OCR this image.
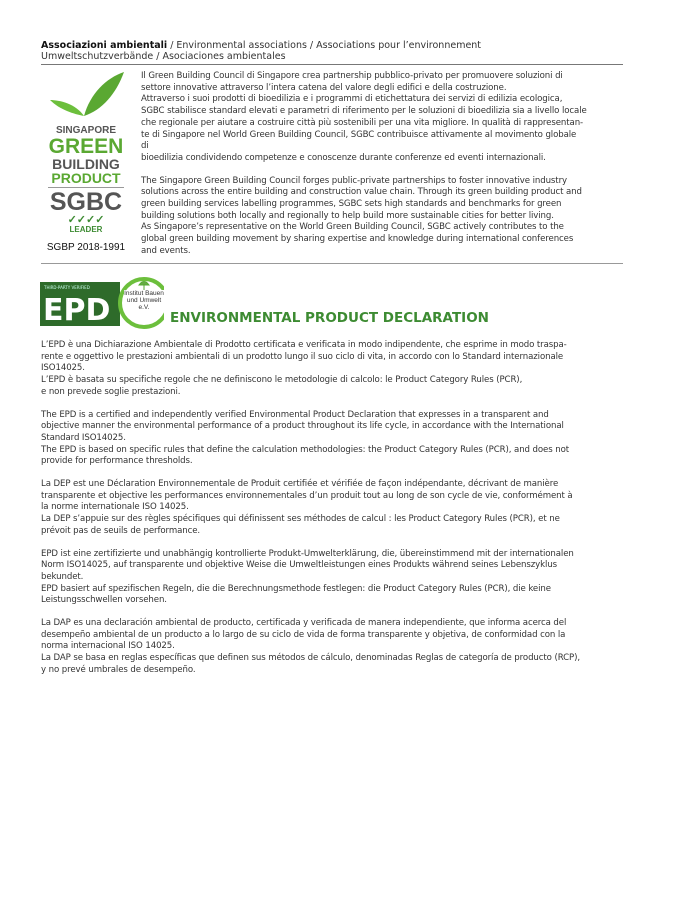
Associazioni ambientali / Environmental associations / Associations pour l’environnement
Umweltschutzverbände / Asociaciones ambientales
SINGAPORE
GREEN
BUILDING
PRODUCT
SGBC
✓✓✓✓
LEADER
SGBP 2018-1991
Il Green Building Council di Singapore crea partnership pubblico-privato per promuovere soluzioni di
settore innovative attraverso l’intera catena del valore degli edifici e della costruzione.
Attraverso i suoi prodotti di bioedilizia e i programmi di etichettatura dei servizi di edilizia ecologica,
SGBC stabilisce standard elevati e parametri di riferimento per le soluzioni di bioedilizia sia a livello locale
che regionale per aiutare a costruire città più sostenibili per una vita migliore. In qualità di rappresentan-
te di Singapore nel World Green Building Council, SGBC contribuisce attivamente al movimento globale
di
bioedilizia condividendo competenze e conoscenze durante conferenze ed eventi internazionali.
The Singapore Green Building Council forges public-private partnerships to foster innovative industry
solutions across the entire building and construction value chain. Through its green building product and
green building services labelling programmes, SGBC sets high standards and benchmarks for green
building solutions both locally and regionally to help build more sustainable cities for better living.
As Singapore’s representative on the World Green Building Council, SGBC actively contributes to the
global green building movement by sharing expertise and knowledge during international conferences
and events.
THIRD-PARTY VERIFIED
EPD Institut Bauen und Umwelt e.V.
ENVIRONMENTAL PRODUCT DECLARATION
L’EPD è una Dichiarazione Ambientale di Prodotto certificata e verificata in modo indipendente, che esprime in modo traspa-
rente e oggettivo le prestazioni ambientali di un prodotto lungo il suo ciclo di vita, in accordo con lo Standard internazionale
ISO14025.
L’EPD è basata su specifiche regole che ne definiscono le metodologie di calcolo: le Product Category Rules (PCR),
e non prevede soglie prestazioni.
The EPD is a certified and independently verified Environmental Product Declaration that expresses in a transparent and
objective manner the environmental performance of a product throughout its life cycle, in accordance with the International
Standard ISO14025.
The EPD is based on specific rules that define the calculation methodologies: the Product Category Rules (PCR), and does not
provide for performance thresholds.
La DEP est une Déclaration Environnementale de Produit certifiée et vérifiée de façon indépendante, décrivant de manière
transparente et objective les performances environnementales d’un produit tout au long de son cycle de vie, conformément à
la norme internationale ISO 14025.
La DEP s’appuie sur des règles spécifiques qui définissent ses méthodes de calcul : les Product Category Rules (PCR), et ne
prévoit pas de seuils de performance.
EPD ist eine zertifizierte und unabhängig kontrollierte Produkt-Umwelterklärung, die, übereinstimmend mit der internationalen
Norm ISO14025, auf transparente und objektive Weise die Umweltleistungen eines Produkts während seines Lebenszyklus
bekundet.
EPD basiert auf spezifischen Regeln, die die Berechnungsmethode festlegen: die Product Category Rules (PCR), die keine
Leistungsschwellen vorsehen.
La DAP es una declaración ambiental de producto, certificada y verificada de manera independiente, que informa acerca del
desempeño ambiental de un producto a lo largo de su ciclo de vida de forma transparente y objetiva, de conformidad con la
norma internacional ISO 14025.
La DAP se basa en reglas específicas que definen sus métodos de cálculo, denominadas Reglas de categoría de producto (RCP),
y no prevé umbrales de desempeño.
